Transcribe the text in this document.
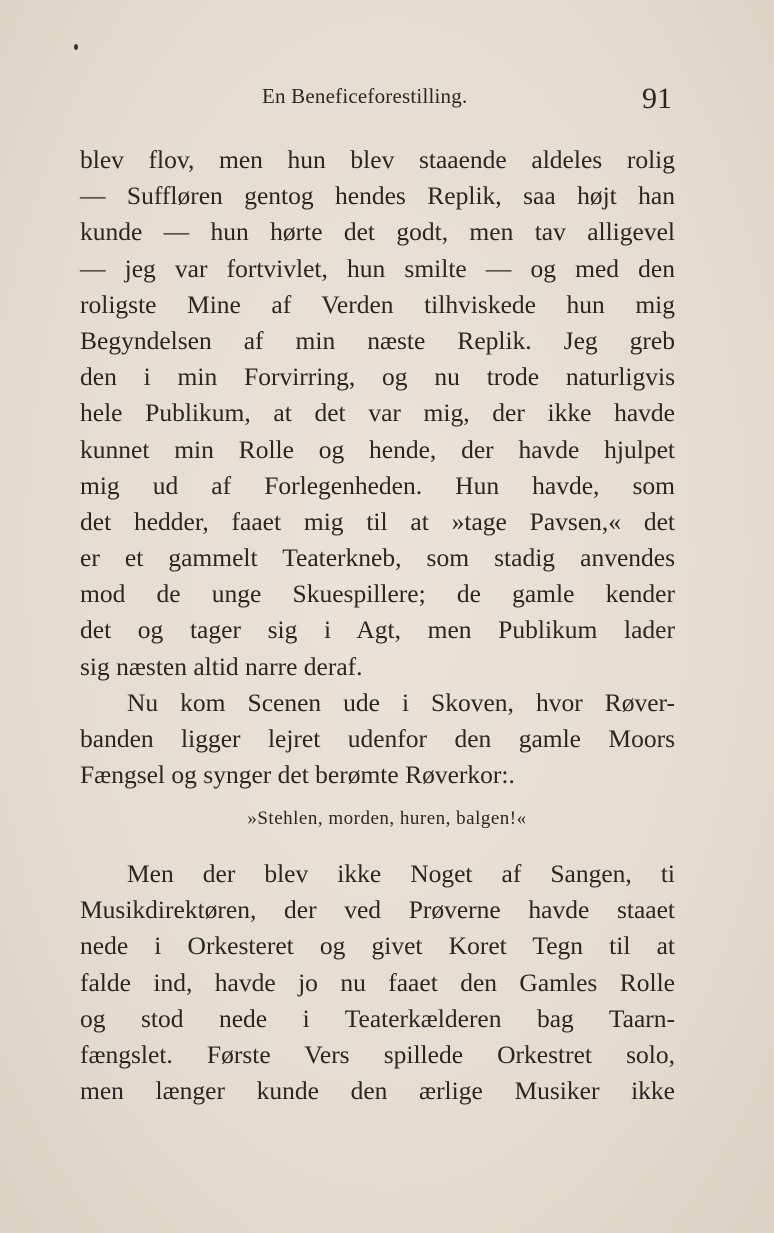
En Beneficeforestilling.	91
blev flov, men hun blev staaende aldeles rolig
— Suffløren gentog hendes Replik, saa højt han
kunde — hun hørte det godt, men tav alligevel
— jeg var fortvivlet, hun smilte — og med den
roligste Mine af Verden tilhviskede hun mig
Begyndelsen af min næste Replik. Jeg greb
den i min Forvirring, og nu trode naturligvis
hele Publikum, at det var mig, der ikke havde
kunnet min Rolle og hende, der havde hjulpet
mig ud af Forlegenheden. Hun havde, som
det hedder, faaet mig til at »tage Pavsen,« det
er et gammelt Teaterkneb, som stadig anvendes
mod de unge Skuespillere; de gamle kender
det og tager sig i Agt, men Publikum lader
sig næsten altid narre deraf.
Nu kom Scenen ude i Skoven, hvor Røver-
banden ligger lejret udenfor den gamle Moors
Fængsel og synger det berømte Røverkor:.
»Stehlen, morden, huren, balgen!«
Men der blev ikke Noget af Sangen, ti
Musikdirektøren, der ved Prøverne havde staaet
nede i Orkesteret og givet Koret Tegn til at
falde ind, havde jo nu faaet den Gamles Rolle
og stod nede i Teaterkælderen bag Taarn-
fængslet. Første Vers spillede Orkestret solo,
men længer kunde den ærlige Musiker ikke
